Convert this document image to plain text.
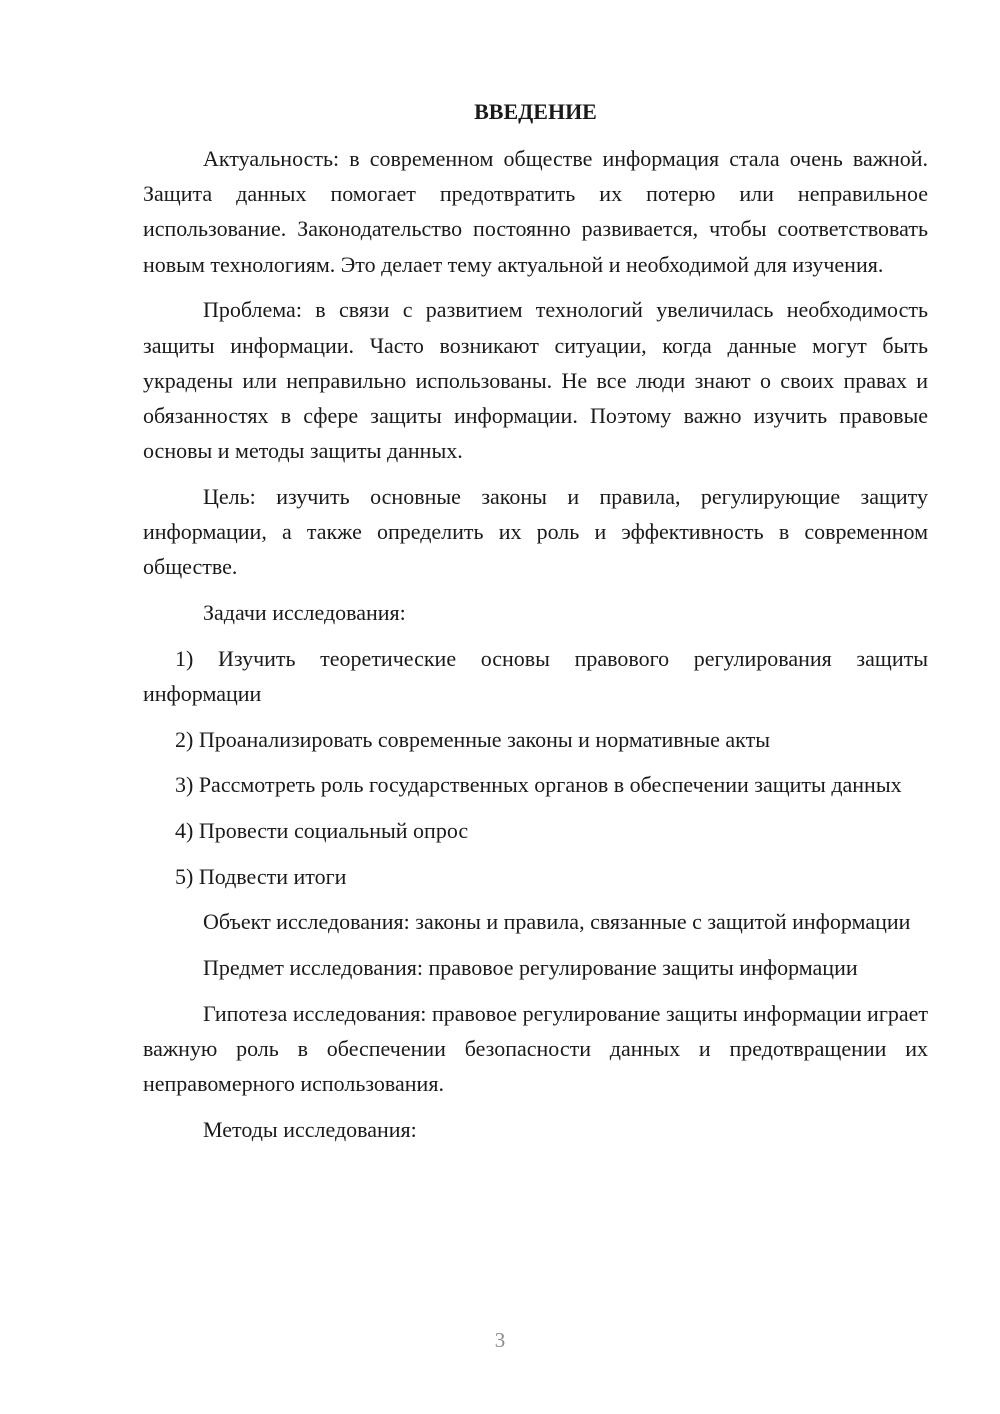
ВВЕДЕНИЕ

Актуальность: в современном обществе информация стала очень важной. Защита данных помогает предотвратить их потерю или неправильное использование. Законодательство постоянно развивается, чтобы соответствовать новым технологиям. Это делает тему актуальной и необходимой для изучения.

Проблема: в связи с развитием технологий увеличилась необходимость защиты информации. Часто возникают ситуации, когда данные могут быть украдены или неправильно использованы. Не все люди знают о своих правах и обязанностях в сфере защиты информации. Поэтому важно изучить правовые основы и методы защиты данных.

Цель: изучить основные законы и правила, регулирующие защиту информации, а также определить их роль и эффективность в современном обществе.

Задачи исследования:

1) Изучить теоретические основы правового регулирования защиты информации

2) Проанализировать современные законы и нормативные акты

3) Рассмотреть роль государственных органов в обеспечении защиты данных

4) Провести социальный опрос

5) Подвести итоги

Объект исследования: законы и правила, связанные с защитой информации

Предмет исследования: правовое регулирование защиты информации

Гипотеза исследования: правовое регулирование защиты информации играет важную роль в обеспечении безопасности данных и предотвращении их неправомерного использования.

Методы исследования:

3
